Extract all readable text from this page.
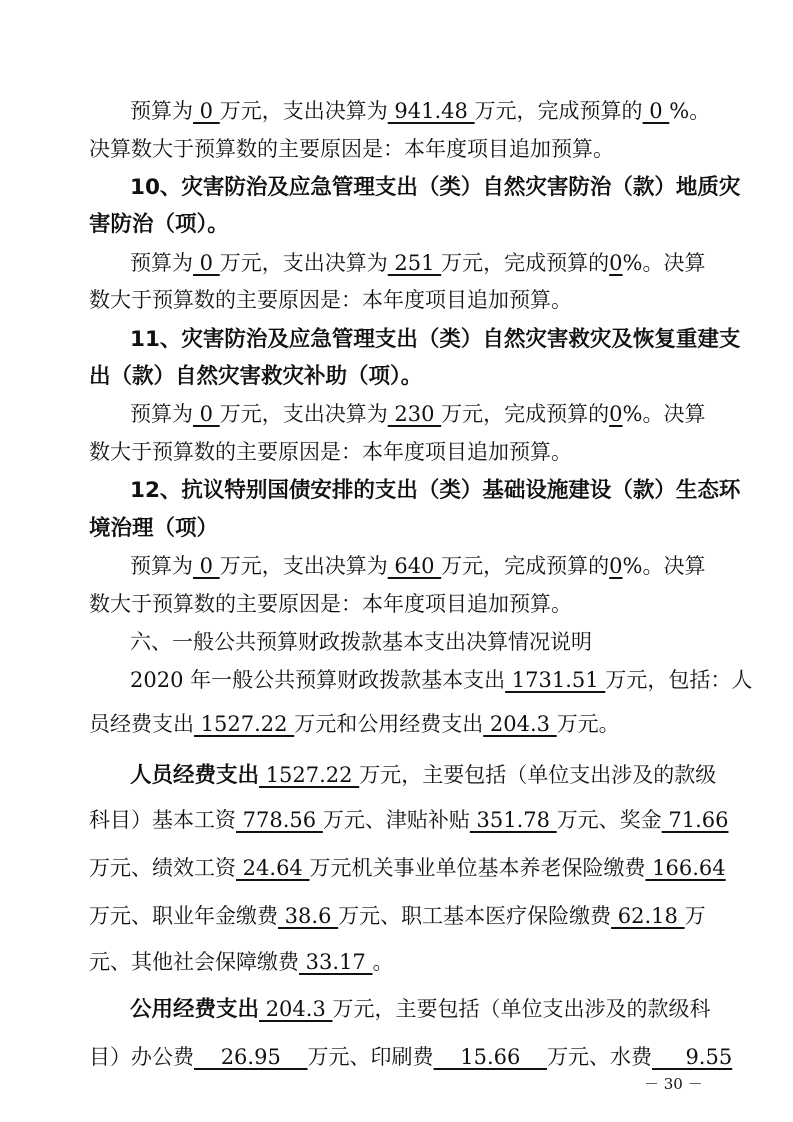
预算为 0 万元，支出决算为 941.48 万元，完成预算的 0 %。
决算数大于预算数的主要原因是：本年度项目追加预算。
10、灾害防治及应急管理支出（类）自然灾害防治（款）地质灾
害防治（项）。
预算为 0 万元，支出决算为 251 万元，完成预算的0%。决算
数大于预算数的主要原因是：本年度项目追加预算。
11、灾害防治及应急管理支出（类）自然灾害救灾及恢复重建支
出（款）自然灾害救灾补助（项）。
预算为 0 万元，支出决算为 230 万元，完成预算的0%。决算
数大于预算数的主要原因是：本年度项目追加预算。
12、抗议特别国债安排的支出（类）基础设施建设（款）生态环
境治理（项）
预算为 0 万元，支出决算为 640 万元，完成预算的0%。决算
数大于预算数的主要原因是：本年度项目追加预算。
六、一般公共预算财政拨款基本支出决算情况说明
2020 年一般公共预算财政拨款基本支出 1731.51 万元，包括：人
员经费支出 1527.22 万元和公用经费支出 204.3 万元。
人员经费支出 1527.22 万元，主要包括（单位支出涉及的款级
科目）基本工资 778.56 万元、津贴补贴 351.78 万元、奖金 71.66
万元、绩效工资 24.64 万元机关事业单位基本养老保险缴费 166.64
万元、职业年金缴费 38.6 万元、职工基本医疗保险缴费 62.18 万
元、其他社会保障缴费 33.17 。
公用经费支出 204.3 万元，主要包括（单位支出涉及的款级科
目）办公费    26.95    万元、印刷费    15.66    万元、水费     9.55
－ 30 －
